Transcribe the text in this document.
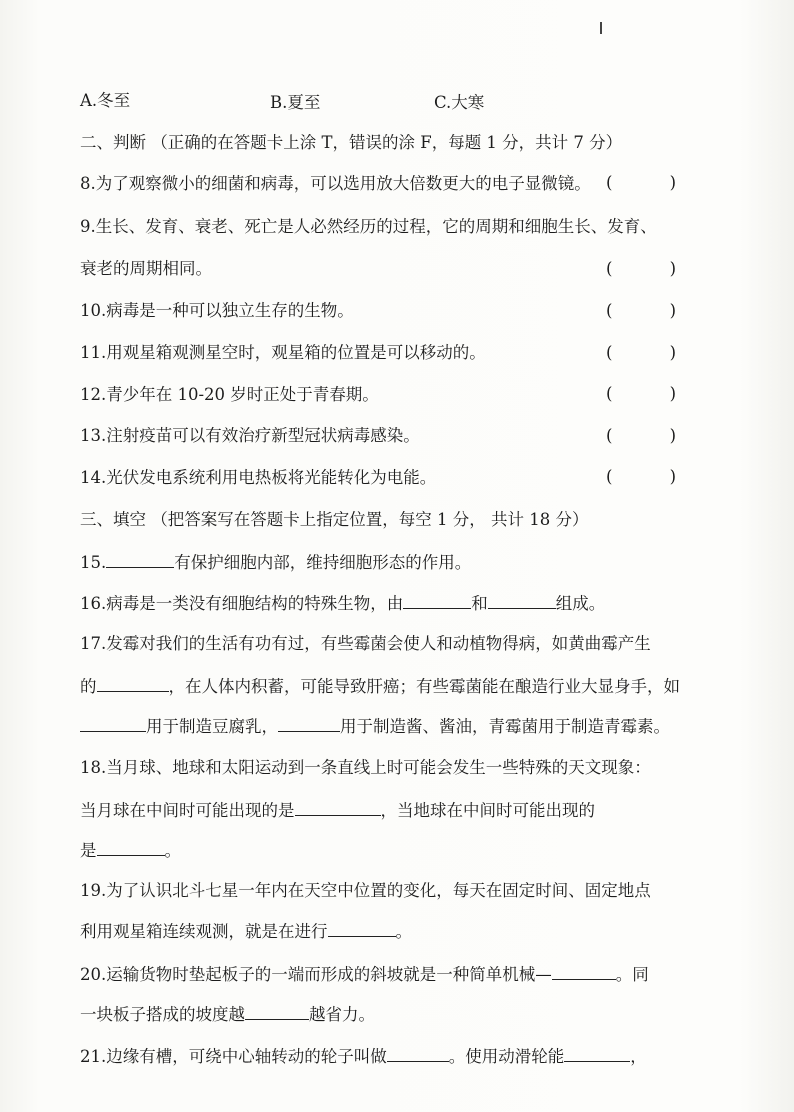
A.冬至	B.夏至	C.大寒
二、判断 （正确的在答题卡上涂 T，错误的涂 F，每题 1 分，共计 7 分）
8.为了观察微小的细菌和病毒，可以选用放大倍数更大的电子显微镜。 (	)
9.生长、发育、衰老、死亡是人必然经历的过程，它的周期和细胞生长、发育、
衰老的周期相同。	(	)
10.病毒是一种可以独立生存的生物。	(	)
11.用观星箱观测星空时，观星箱的位置是可以移动的。	(	)
12.青少年在 10-20 岁时正处于青春期。	(	)
13.注射疫苗可以有效治疗新型冠状病毒感染。	(	)
14.光伏发电系统利用电热板将光能转化为电能。	(	)
三、填空 （把答案写在答题卡上指定位置，每空 1 分， 共计 18 分）
15.	有保护细胞内部，维持细胞形态的作用。
16.病毒是一类没有细胞结构的特殊生物，由	和	组成。
17.发霉对我们的生活有功有过，有些霉菌会使人和动植物得病，如黄曲霉产生
的	，在人体内积蓄，可能导致肝癌；有些霉菌能在酿造行业大显身手，如
用于制造豆腐乳，	用于制造酱、酱油，青霉菌用于制造青霉素。
18.当月球、地球和太阳运动到一条直线上时可能会发生一些特殊的天文现象：
当月球在中间时可能出现的是	，当地球在中间时可能出现的
是	。
19.为了认识北斗七星一年内在天空中位置的变化，每天在固定时间、固定地点
利用观星箱连续观测，就是在进行	。
20.运输货物时垫起板子的一端而形成的斜坡就是一种简单机械—	。同
一块板子搭成的坡度越	越省力。
21.边缘有槽，可绕中心轴转动的轮子叫做	。使用动滑轮能	，
